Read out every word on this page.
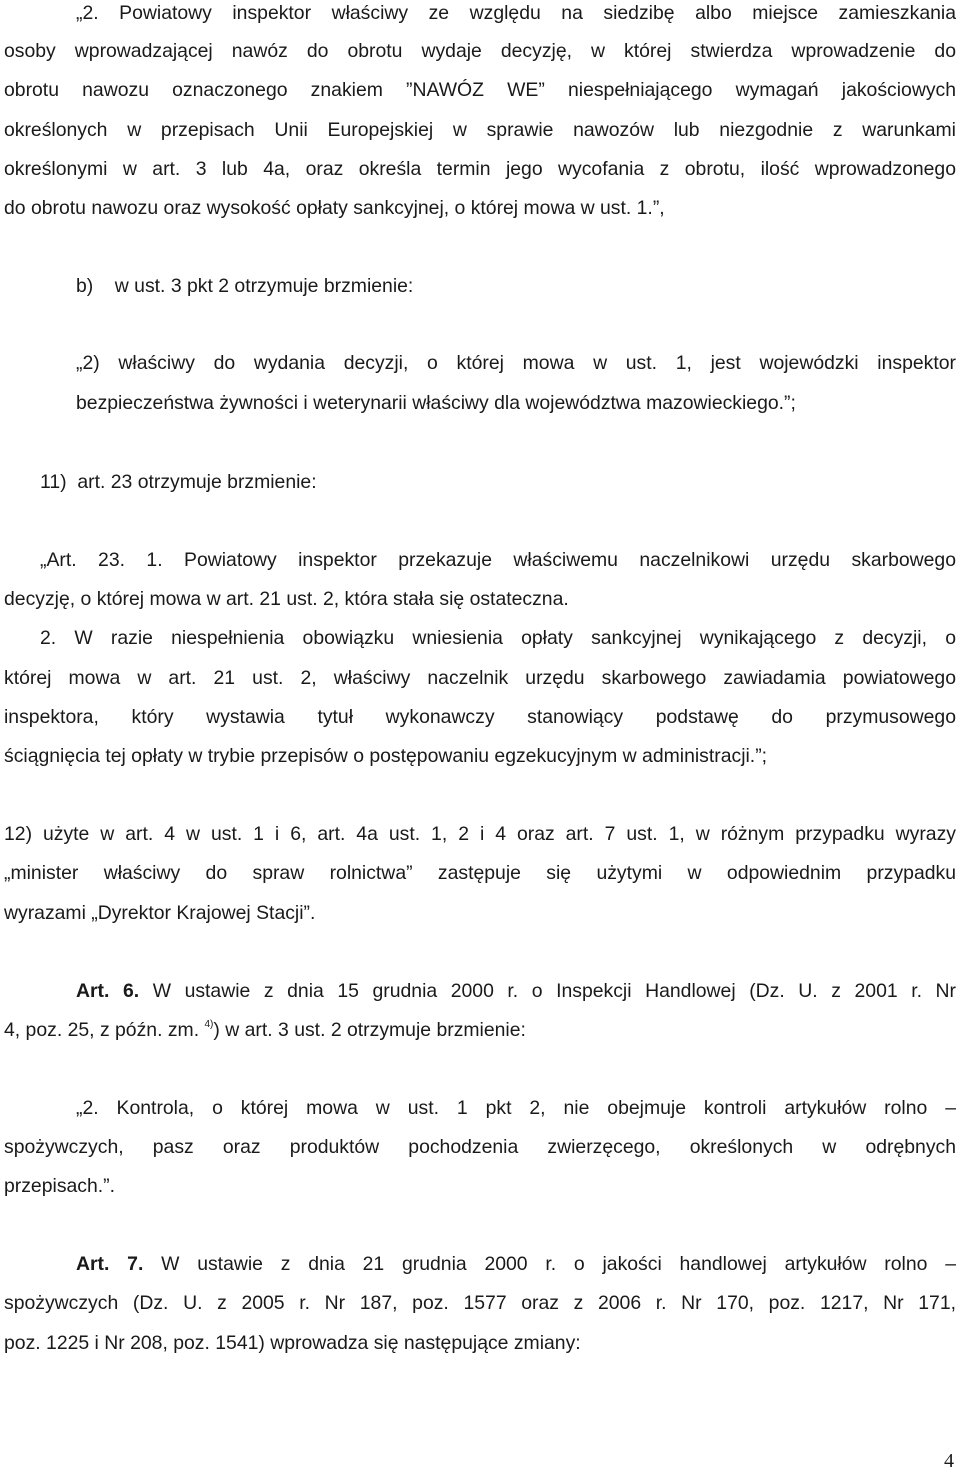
„2. Powiatowy inspektor właściwy ze względu na siedzibę albo miejsce zamieszkania
osoby wprowadzającej nawóz do obrotu wydaje decyzję, w której stwierdza wprowadzenie do
obrotu nawozu oznaczonego znakiem ”NAWÓZ WE” niespełniającego wymagań jakościowych
określonych w przepisach Unii Europejskiej w sprawie nawozów lub niezgodnie z warunkami
określonymi w art. 3 lub 4a, oraz określa termin jego wycofania z obrotu, ilość wprowadzonego
do obrotu nawozu oraz wysokość opłaty sankcyjnej, o której mowa w ust. 1.”,
b)    w ust. 3 pkt 2 otrzymuje brzmienie:
„2) właściwy do wydania decyzji, o której mowa w ust. 1, jest wojewódzki inspektor
bezpieczeństwa żywności i weterynarii właściwy dla województwa mazowieckiego.”;
11)  art. 23 otrzymuje brzmienie:
„Art. 23. 1. Powiatowy inspektor przekazuje właściwemu naczelnikowi urzędu skarbowego
decyzję, o której mowa w art. 21 ust. 2, która stała się ostateczna.
2. W razie niespełnienia obowiązku wniesienia opłaty sankcyjnej wynikającego z decyzji, o
której mowa w art. 21 ust. 2, właściwy naczelnik urzędu skarbowego zawiadamia powiatowego
inspektora, który wystawia tytuł wykonawczy stanowiący podstawę do przymusowego
ściągnięcia tej opłaty w trybie przepisów o postępowaniu egzekucyjnym w administracji.”;
12) użyte w art. 4 w ust. 1 i 6, art. 4a ust. 1, 2 i 4 oraz art. 7 ust. 1, w różnym przypadku wyrazy
„minister właściwy do spraw rolnictwa” zastępuje się użytymi w odpowiednim przypadku
wyrazami „Dyrektor Krajowej Stacji”.
Art. 6. W ustawie z dnia 15 grudnia 2000 r. o Inspekcji Handlowej (Dz. U. z 2001 r. Nr
4, poz. 25, z późn. zm. $^{4)}$) w art. 3 ust. 2 otrzymuje brzmienie:
„2. Kontrola, o której mowa w ust. 1 pkt 2, nie obejmuje kontroli artykułów rolno –
spożywczych, pasz oraz produktów pochodzenia zwierzęcego, określonych w odrębnych
przepisach.”.
Art. 7. W ustawie z dnia 21 grudnia 2000 r. o jakości handlowej artykułów rolno –
spożywczych (Dz. U. z 2005 r. Nr 187, poz. 1577 oraz z 2006 r. Nr 170, poz. 1217, Nr 171,
poz. 1225 i Nr 208, poz. 1541) wprowadza się następujące zmiany:
4
